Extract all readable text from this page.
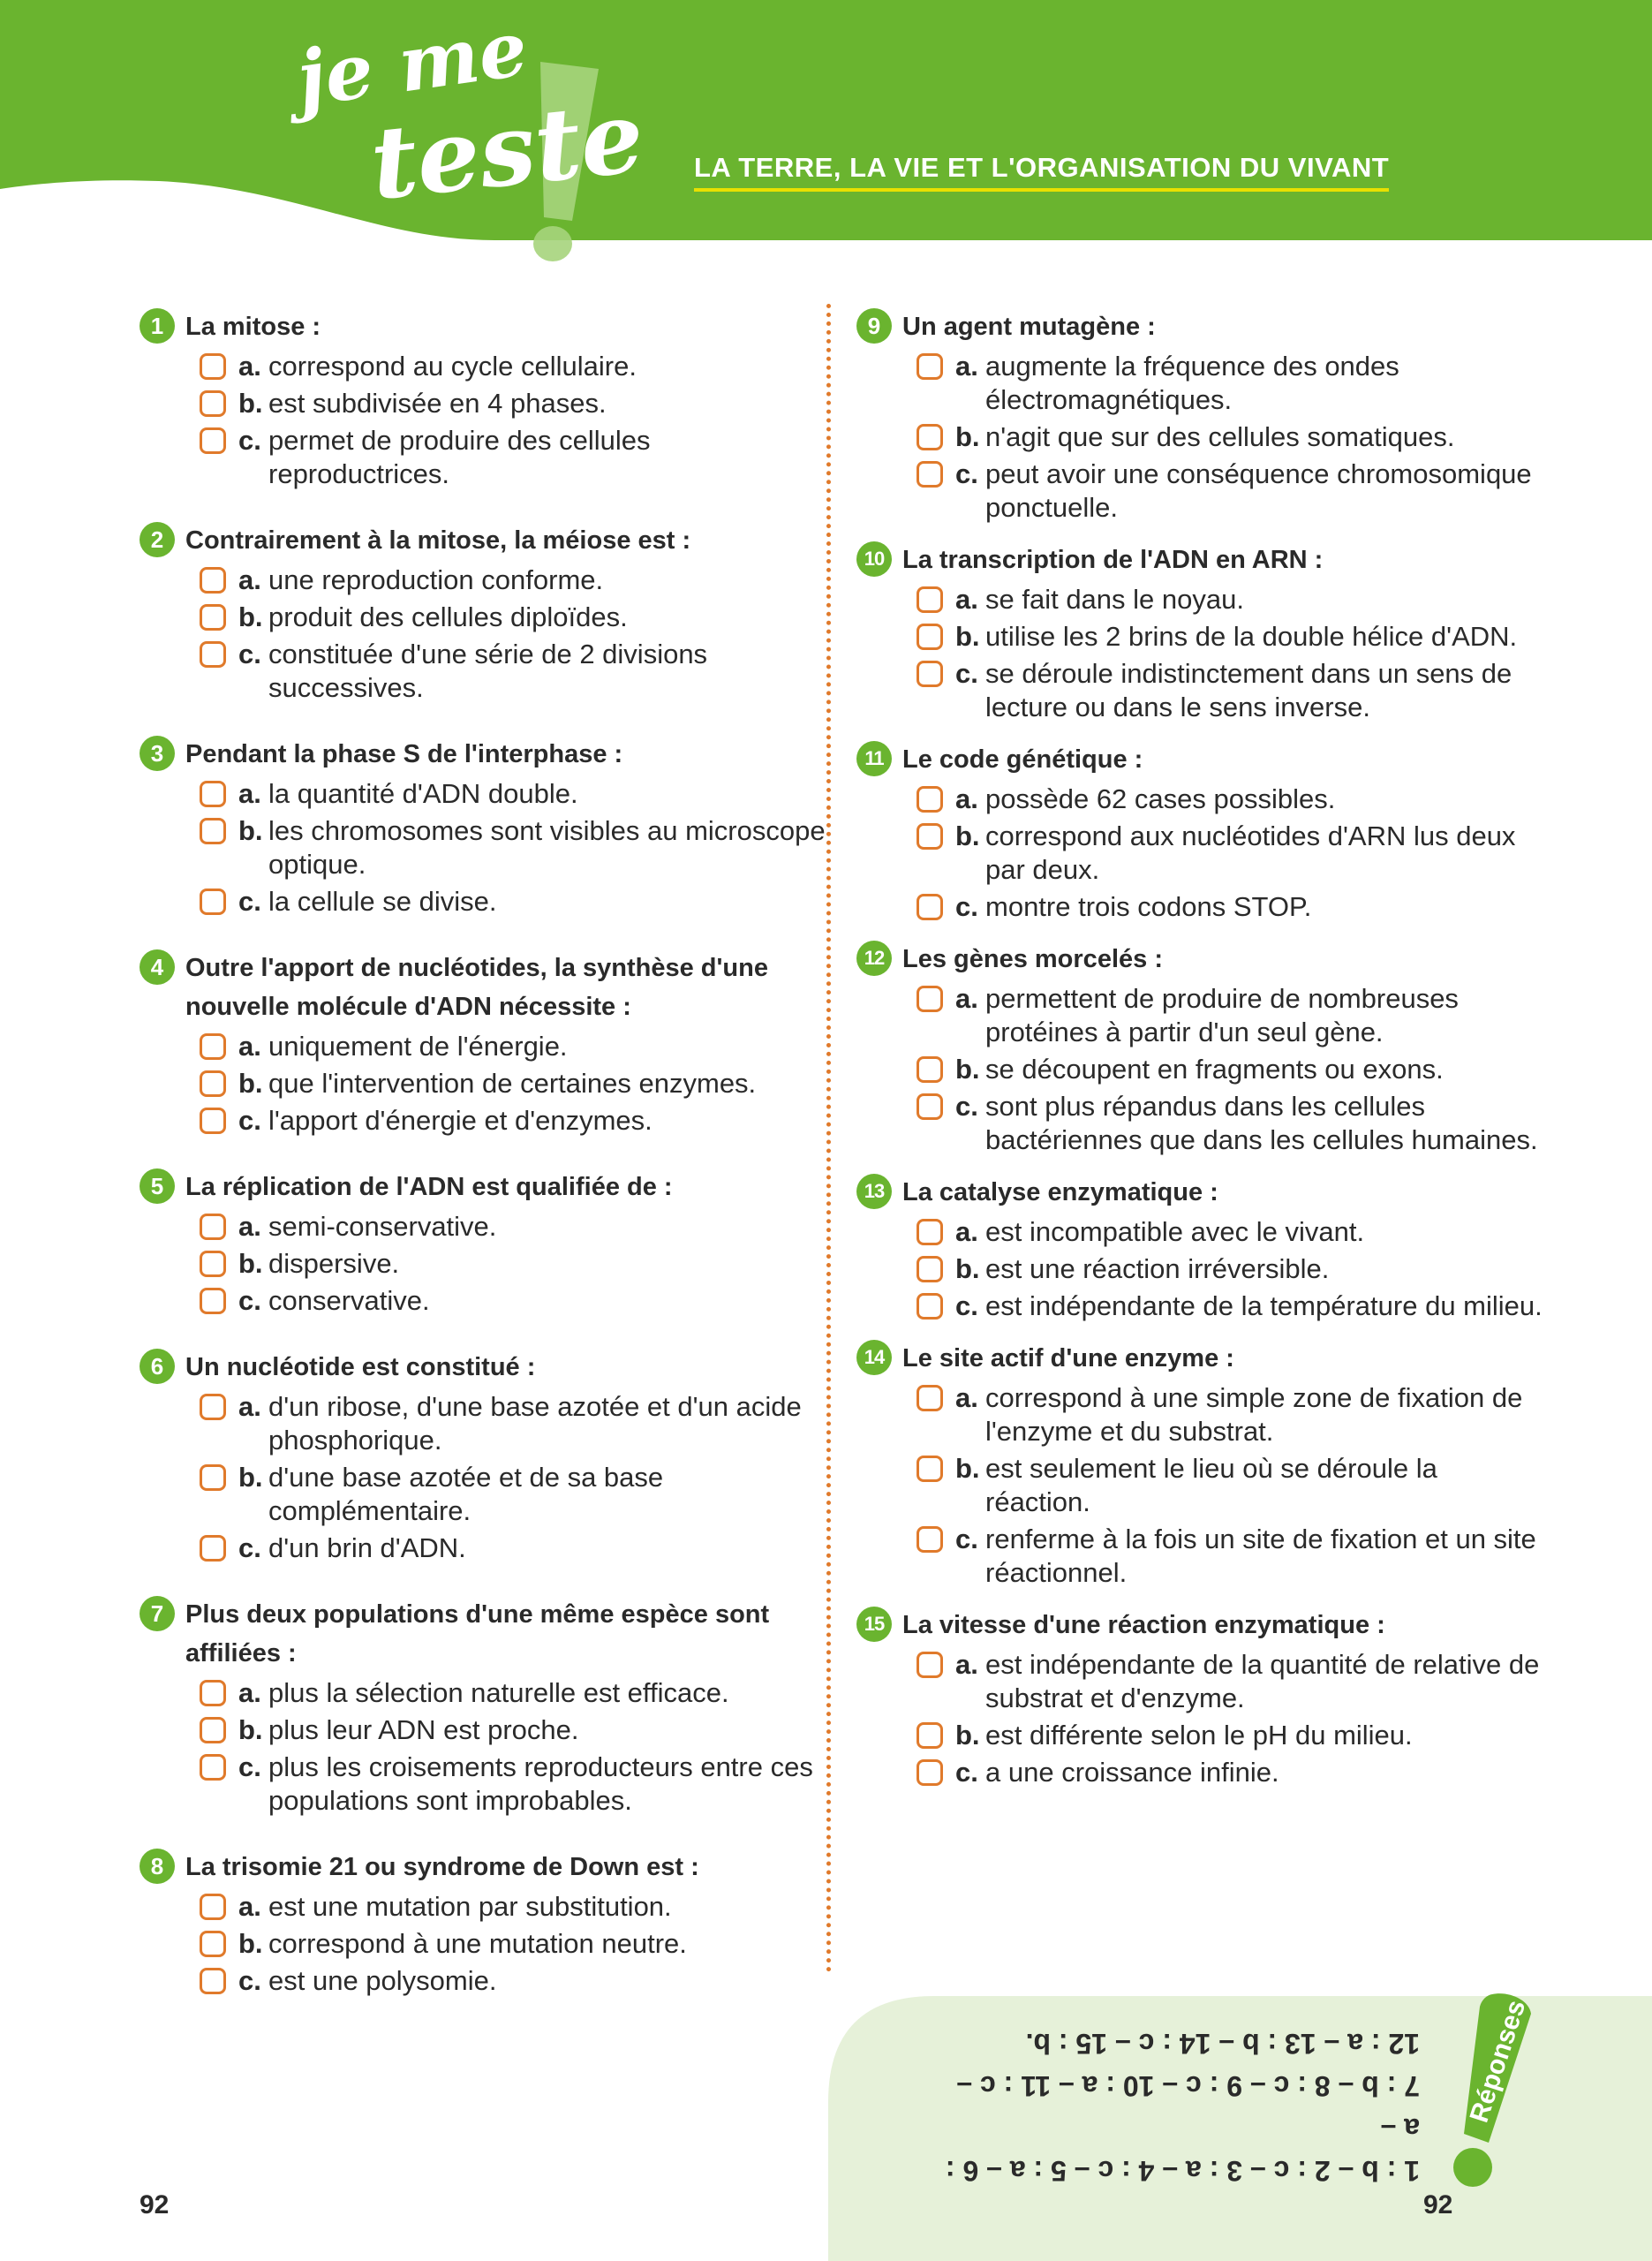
je me
teste LA TERRE, LA VIE ET L'ORGANISATION DU VIVANT
1 La mitose :
a. correspond au cycle cellulaire.
b. est subdivisée en 4 phases.
c. permet de produire des cellules reproductrices.
2 Contrairement à la mitose, la méiose est :
a. une reproduction conforme.
b. produit des cellules diploïdes.
c. constituée d'une série de 2 divisions successives.
3 Pendant la phase S de l'interphase :
a. la quantité d'ADN double.
b. les chromosomes sont visibles au microscope optique.
c. la cellule se divise.
4 Outre l'apport de nucléotides, la synthèse d'une nouvelle molécule d'ADN nécessite :
a. uniquement de l'énergie.
b. que l'intervention de certaines enzymes.
c. l'apport d'énergie et d'enzymes.
5 La réplication de l'ADN est qualifiée de :
a. semi-conservative.
b. dispersive.
c. conservative.
6 Un nucléotide est constitué :
a. d'un ribose, d'une base azotée et d'un acide phosphorique.
b. d'une base azotée et de sa base complémentaire.
c. d'un brin d'ADN.
7 Plus deux populations d'une même espèce sont affiliées :
a. plus la sélection naturelle est efficace.
b. plus leur ADN est proche.
c. plus les croisements reproducteurs entre ces populations sont improbables.
8 La trisomie 21 ou syndrome de Down est :
a. est une mutation par substitution.
b. correspond à une mutation neutre.
c. est une polysomie.
9 Un agent mutagène :
a. augmente la fréquence des ondes électromagnétiques.
b. n'agit que sur des cellules somatiques.
c. peut avoir une conséquence chromosomique ponctuelle.
10 La transcription de l'ADN en ARN :
a. se fait dans le noyau.
b. utilise les 2 brins de la double hélice d'ADN.
c. se déroule indistinctement dans un sens de lecture ou dans le sens inverse.
11 Le code génétique :
a. possède 62 cases possibles.
b. correspond aux nucléotides d'ARN lus deux par deux.
c. montre trois codons STOP.
12 Les gènes morcelés :
a. permettent de produire de nombreuses protéines à partir d'un seul gène.
b. se découpent en fragments ou exons.
c. sont plus répandus dans les cellules bactériennes que dans les cellules humaines.
13 La catalyse enzymatique :
a. est incompatible avec le vivant.
b. est une réaction irréversible.
c. est indépendante de la température du milieu.
14 Le site actif d'une enzyme :
a. correspond à une simple zone de fixation de l'enzyme et du substrat.
b. est seulement le lieu où se déroule la réaction.
c. renferme à la fois un site de fixation et un site réactionnel.
15 La vitesse d'une réaction enzymatique :
a. est indépendante de la quantité de relative de substrat et d'enzyme.
b. est différente selon le pH du milieu.
c. a une croissance infinie.
1 : b – 2 : c – 3 : a – 4 : c – 5 : a – 6 : a –
7 : b – 8 : c – 9 : c – 10 : a – 11 : c –
12 : a – 13 : b – 14 : c – 15 : b. Réponses
92	92
